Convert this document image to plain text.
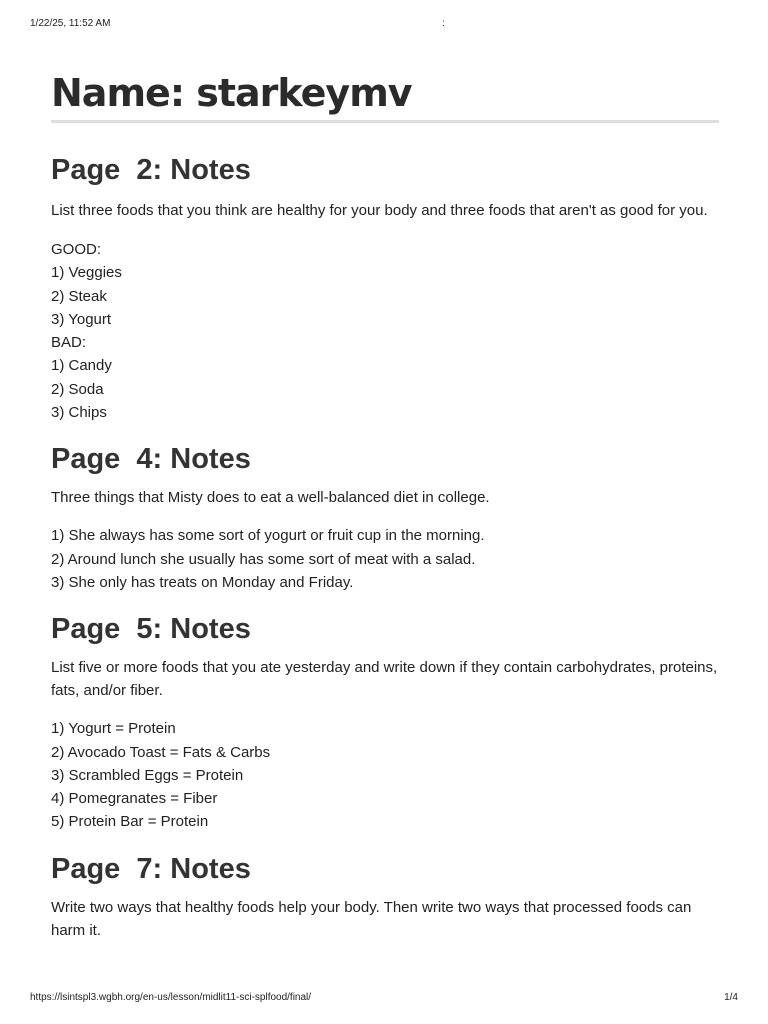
1/22/25, 11:52 AM	:
Name: starkeymv
Page  2: Notes

List three foods that you think are healthy for your body and three foods that aren't as good for you.

GOOD:
1) Veggies
2) Steak
3) Yogurt
BAD:
1) Candy
2) Soda
3) Chips
Page  4: Notes

Three things that Misty does to eat a well-balanced diet in college.

1) She always has some sort of yogurt or fruit cup in the morning.
2) Around lunch she usually has some sort of meat with a salad.
3) She only has treats on Monday and Friday.
Page  5: Notes

List five or more foods that you ate yesterday and write down if they contain carbohydrates, proteins, fats, and/or fiber.

1) Yogurt = Protein
2) Avocado Toast = Fats & Carbs
3) Scrambled Eggs = Protein
4) Pomegranates = Fiber
5) Protein Bar = Protein
Page  7: Notes

Write two ways that healthy foods help your body. Then write two ways that processed foods can harm it.

https://lsintspl3.wgbh.org/en-us/lesson/midlit11-sci-splfood/final/	1/4
